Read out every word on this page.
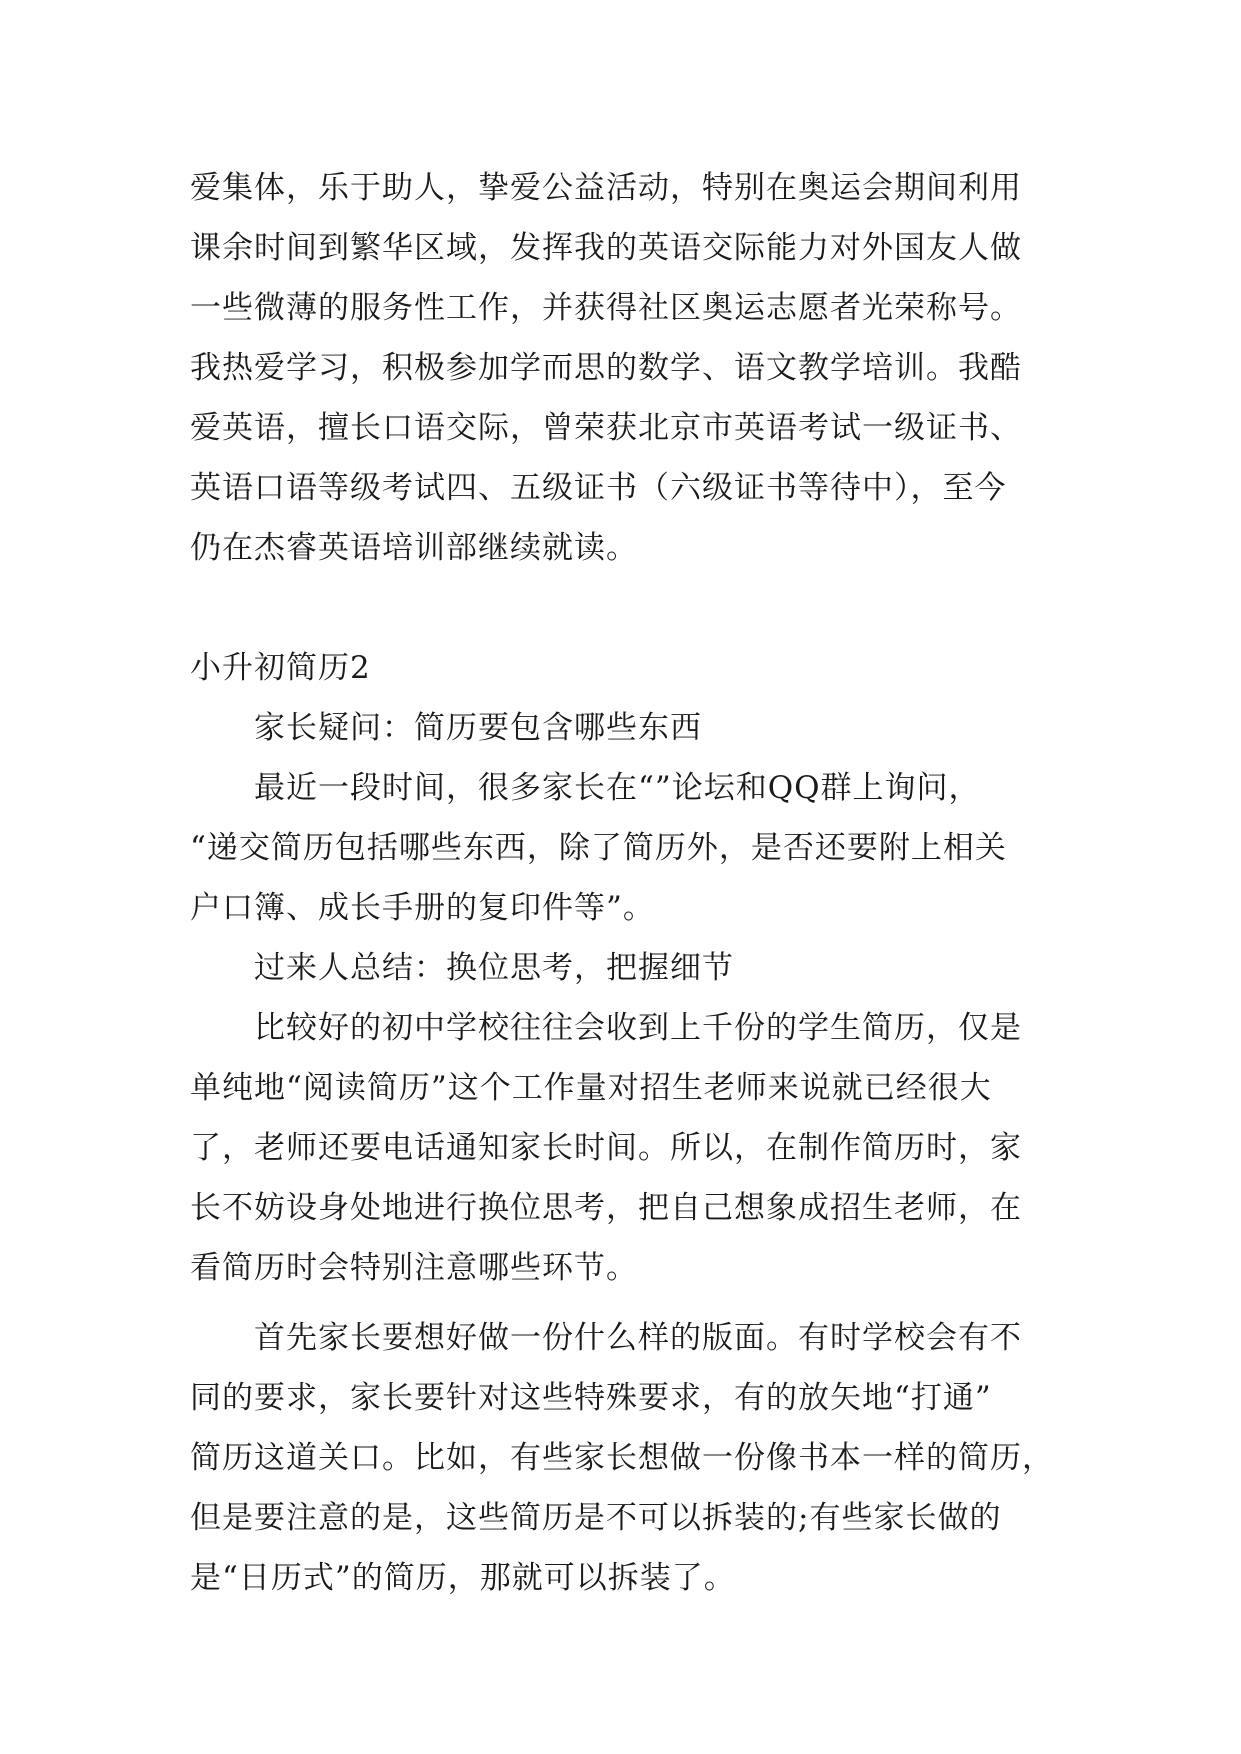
爱集体，乐于助人，挚爱公益活动，特别在奥运会期间利用
课余时间到繁华区域，发挥我的英语交际能力对外国友人做
一些微薄的服务性工作，并获得社区奥运志愿者光荣称号。
我热爱学习，积极参加学而思的数学、语文教学培训。我酷
爱英语，擅长口语交际，曾荣获北京市英语考试一级证书、
英语口语等级考试四、五级证书（六级证书等待中），至今
仍在杰睿英语培训部继续就读。
小升初简历2
家长疑问：简历要包含哪些东西
最近一段时间，很多家长在“”论坛和QQ群上询问，
“递交简历包括哪些东西，除了简历外，是否还要附上相关
户口簿、成长手册的复印件等”。
过来人总结：换位思考，把握细节
比较好的初中学校往往会收到上千份的学生简历，仅是
单纯地“阅读简历”这个工作量对招生老师来说就已经很大
了，老师还要电话通知家长时间。所以，在制作简历时，家
长不妨设身处地进行换位思考，把自己想象成招生老师，在
看简历时会特别注意哪些环节。
首先家长要想好做一份什么样的版面。有时学校会有不
同的要求，家长要针对这些特殊要求，有的放矢地“打通”
简历这道关口。比如，有些家长想做一份像书本一样的简历，
但是要注意的是，这些简历是不可以拆装的;有些家长做的
是“日历式”的简历，那就可以拆装了。
